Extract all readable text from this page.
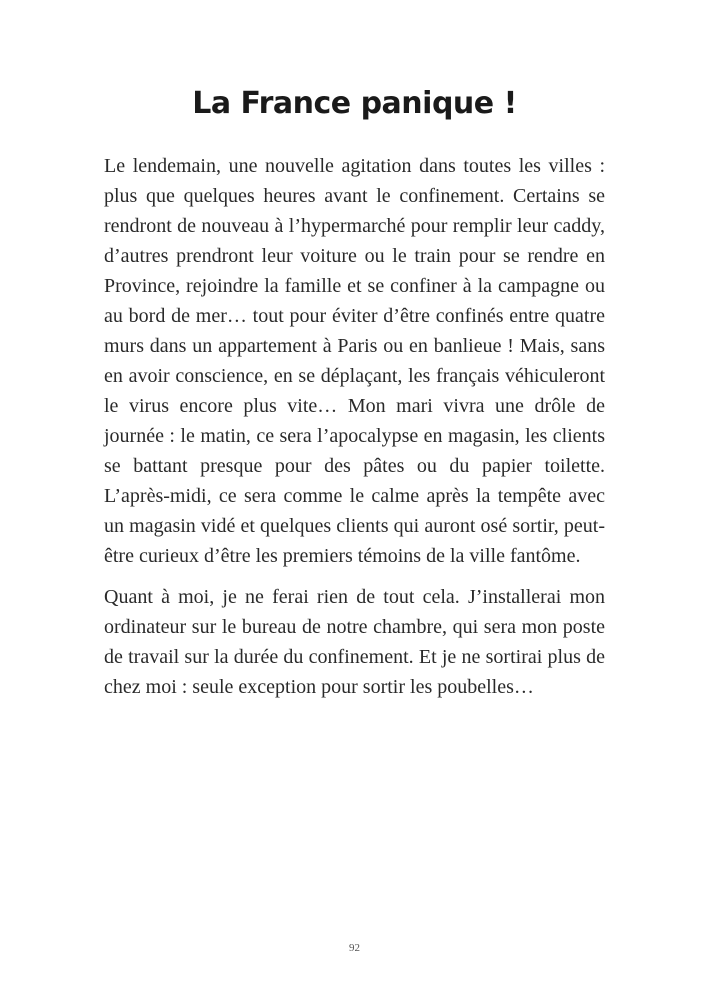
La France panique !

Le lendemain, une nouvelle agitation dans toutes les villes : plus que quelques heures avant le confinement. Certains se rendront de nouveau à l’hypermarché pour remplir leur caddy, d’autres prendront leur voiture ou le train pour se rendre en Province, rejoindre la famille et se confiner à la campagne ou au bord de mer… tout pour éviter d’être confinés entre quatre murs dans un appartement à Paris ou en banlieue ! Mais, sans en avoir conscience, en se déplaçant, les français véhiculeront le virus encore plus vite… Mon mari vivra une drôle de journée : le matin, ce sera l’apocalypse en magasin, les clients se battant presque pour des pâtes ou du papier toilette. L’après-midi, ce sera comme le calme après la tempête avec un magasin vidé et quelques clients qui auront osé sortir, peut-être curieux d’être les premiers témoins de la ville fantôme.

Quant à moi, je ne ferai rien de tout cela. J’installerai mon ordinateur sur le bureau de notre chambre, qui sera mon poste de travail sur la durée du confinement. Et je ne sortirai plus de chez moi : seule exception pour sortir les poubelles…

92
